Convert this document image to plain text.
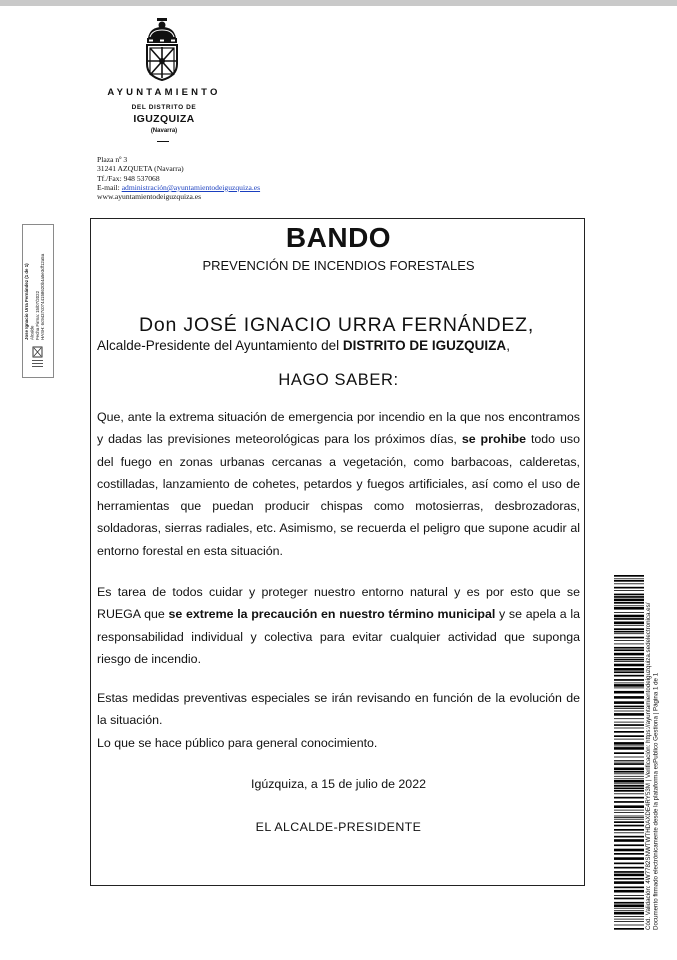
AYUNTAMIENTO
DEL DISTRITO DE
IGUZQUIZA
(Navarra)
Plaza nº 3
31241 AZQUETA (Navarra)
Tf./Fax: 948 537068
E-mail: administración@ayuntamientodeiguzquiza.es
www.ayuntamientodeiguzquiza.es
Jose Ignacio Urra Fernández (1 de 1)
Alcalde
Fecha Firma: 15/07/2022
HASH: 6c9437c0744158620b4a5e3df12a5a
BANDO
PREVENCIÓN DE INCENDIOS FORESTALES
Don JOSÉ IGNACIO URRA FERNÁNDEZ,
Alcalde-Presidente del Ayuntamiento del DISTRITO DE IGUZQUIZA,
HAGO SABER:
Que, ante la extrema situación de emergencia por incendio en la que nos encontramos y dadas las previsiones meteorológicas para los próximos días, se prohibe todo uso del fuego en zonas urbanas cercanas a vegetación, como barbacoas, calderetas, costilladas, lanzamiento de cohetes, petardos y fuegos artificiales, así como el uso de herramientas que puedan producir chispas como motosierras, desbrozadoras, soldadoras, sierras radiales, etc. Asimismo, se recuerda el peligro que supone acudir al entorno forestal en esta situación.
Es tarea de todos cuidar y proteger nuestro entorno natural y es por esto que se RUEGA que se extreme la precaución en nuestro término municipal y se apela a la responsabilidad individual y colectiva para evitar cualquier actividad que suponga riesgo de incendio.
Estas medidas preventivas especiales se irán revisando en función de la evolución de la situación.
Lo que se hace público para general conocimiento.
Igúzquiza, a 15 de julio de 2022
EL ALCALDE-PRESIDENTE	Cód. Validación: 4W7782SNWTWTHDAXDE4RY53M | Verificación: https://ayuntamientodeiguzquiza.sedelectronica.es/
Documento firmado electrónicamente desde la plataforma esPublico Gestiona | Página 1 de 1
